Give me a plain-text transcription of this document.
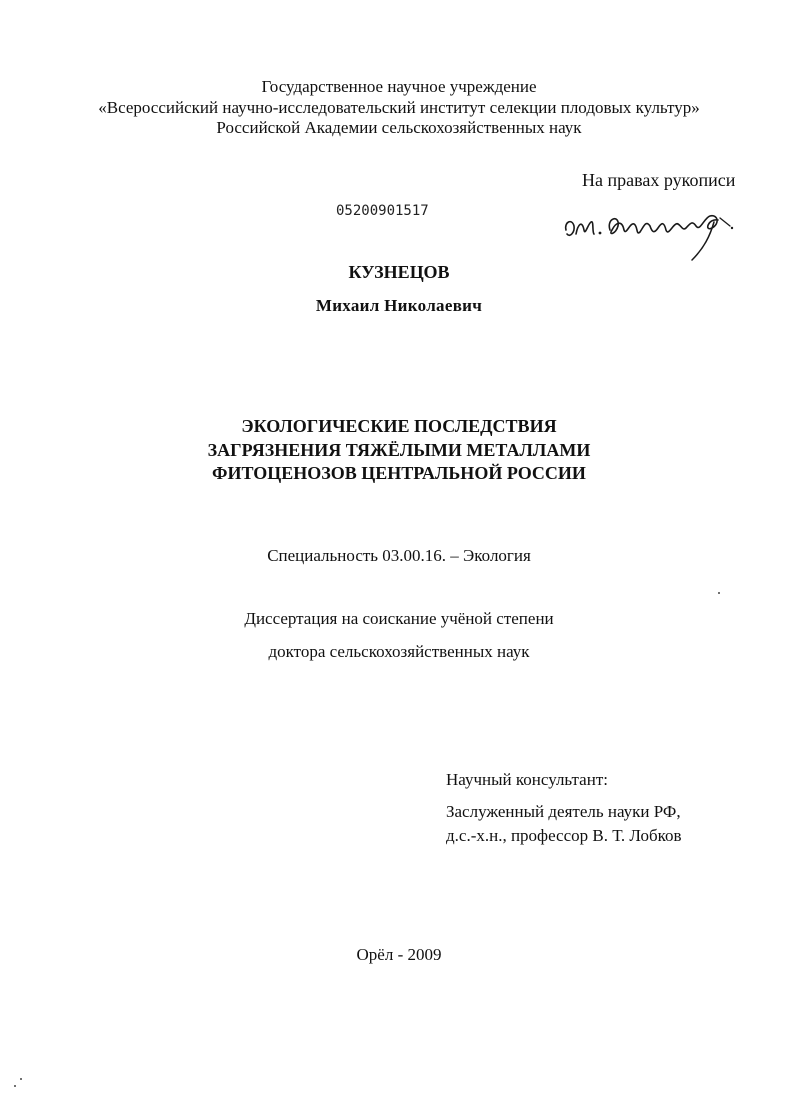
Государственное научное учреждение
«Всероссийский научно-исследовательский институт селекции плодовых культур»
Российской Академии сельскохозяйственных наук
На правах рукописи
05200901517
КУЗНЕЦОВ
Михаил Николаевич
ЭКОЛОГИЧЕСКИЕ ПОСЛЕДСТВИЯ
ЗАГРЯЗНЕНИЯ ТЯЖЁЛЫМИ МЕТАЛЛАМИ
ФИТОЦЕНОЗОВ ЦЕНТРАЛЬНОЙ РОССИИ
Специальность 03.00.16. – Экология
Диссертация на соискание учёной степени
доктора сельскохозяйственных наук
Научный консультант:
Заслуженный деятель науки РФ,
д.с.-х.н., профессор В. Т. Лобков
Орёл - 2009
